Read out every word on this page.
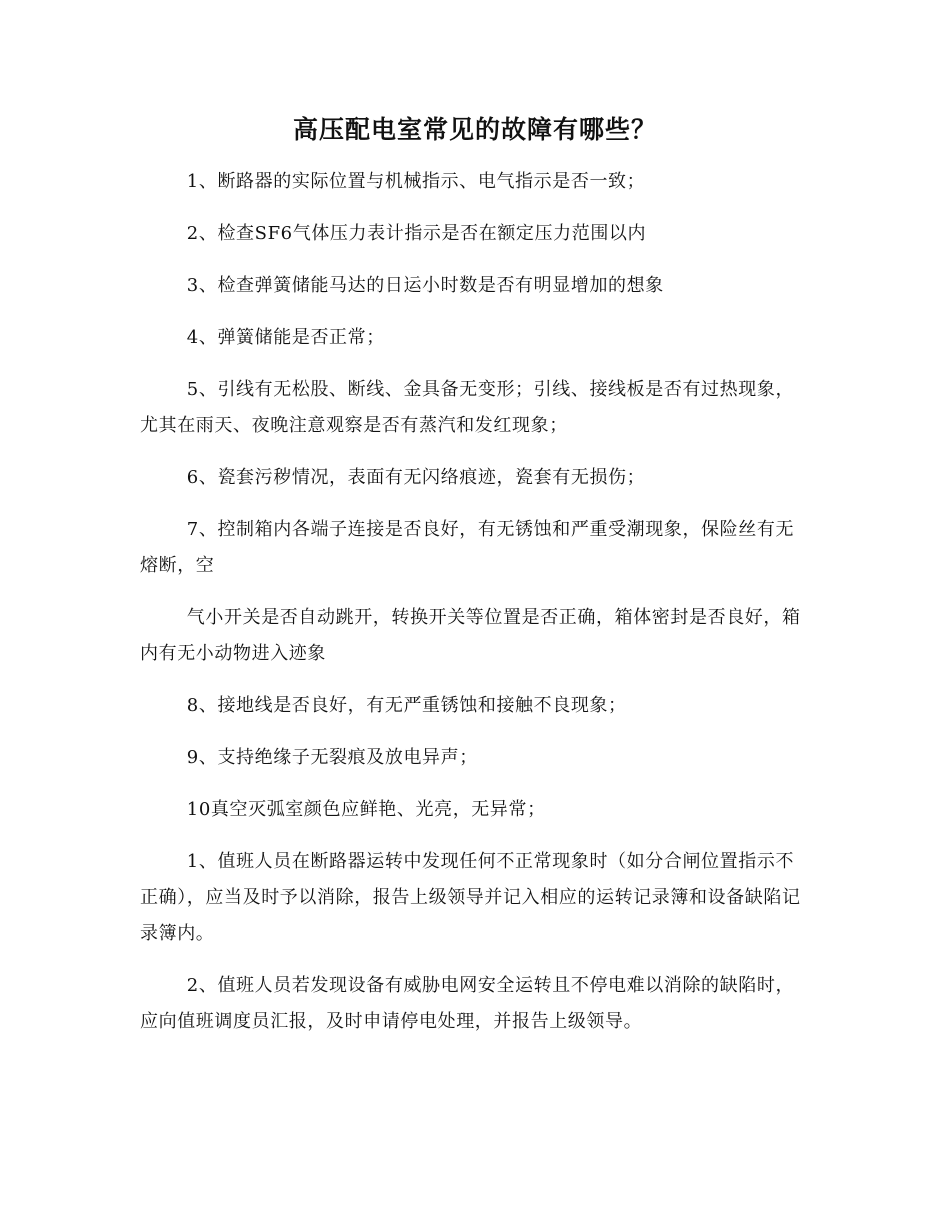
高压配电室常见的故障有哪些？

1、断路器的实际位置与机械指示、电气指示是否一致；

2、检查SF6气体压力表计指示是否在额定压力范围以内

3、检查弹簧储能马达的日运小时数是否有明显增加的想象

4、弹簧储能是否正常；

5、引线有无松股、断线、金具备无变形；引线、接线板是否有过热现象，尤其在雨天、夜晚注意观察是否有蒸汽和发红现象；

6、瓷套污秽情况，表面有无闪络痕迹，瓷套有无损伤；

7、控制箱内各端子连接是否良好，有无锈蚀和严重受潮现象，保险丝有无熔断，空

气小开关是否自动跳开，转换开关等位置是否正确，箱体密封是否良好，箱内有无小动物进入迹象

8、接地线是否良好，有无严重锈蚀和接触不良现象；

9、支持绝缘子无裂痕及放电异声；

10真空灭弧室颜色应鲜艳、光亮，无异常；

1、值班人员在断路器运转中发现任何不正常现象时（如分合闸位置指示不正确），应当及时予以消除，报告上级领导并记入相应的运转记录簿和设备缺陷记录簿内。

2、值班人员若发现设备有威胁电网安全运转且不停电难以消除的缺陷时，应向值班调度员汇报，及时申请停电处理，并报告上级领导。
